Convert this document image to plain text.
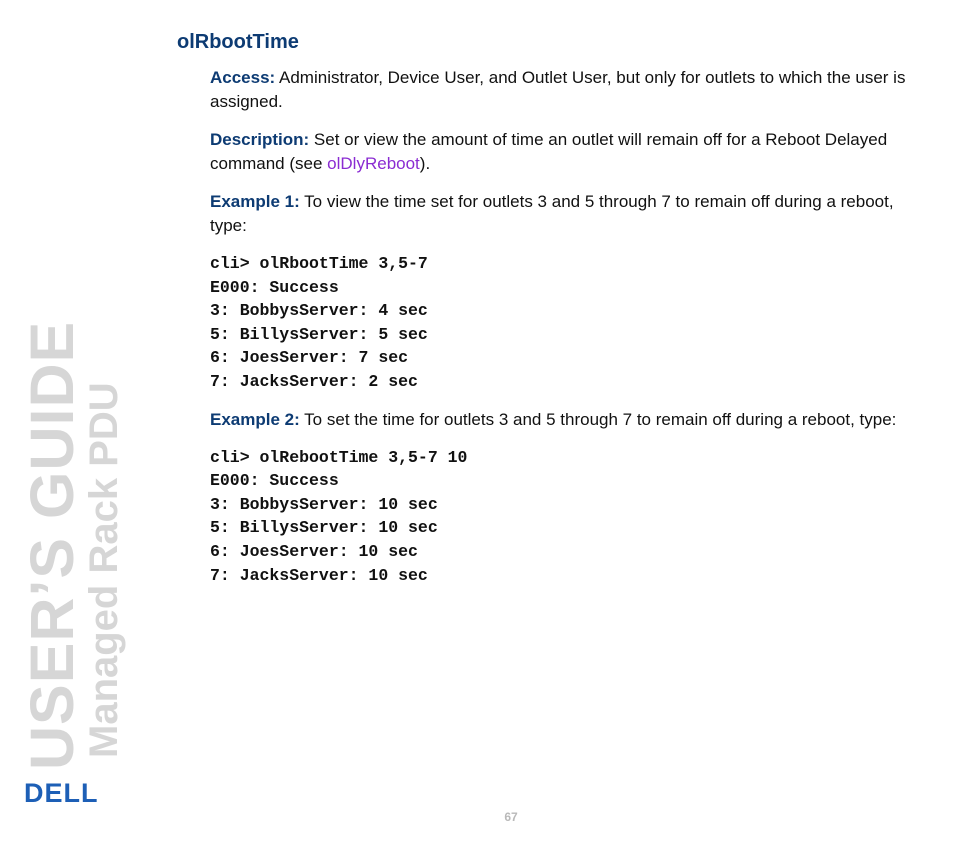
USER’S GUIDE
Managed Rack PDU
DELL
olRbootTime

Access: Administrator, Device User, and Outlet User, but only for outlets to which the user is assigned.

Description: Set or view the amount of time an outlet will remain off for a Reboot Delayed command (see olDlyReboot).

Example 1: To view the time set for outlets 3 and 5 through 7 to remain off during a reboot, type:

cli> olRbootTime 3,5-7
E000: Success
3: BobbysServer: 4 sec
5: BillysServer: 5 sec
6: JoesServer: 7 sec
7: JacksServer: 2 sec

Example 2: To set the time for outlets 3 and 5 through 7 to remain off during a reboot, type:

cli> olRebootTime 3,5-7 10
E000: Success
3: BobbysServer: 10 sec
5: BillysServer: 10 sec
6: JoesServer: 10 sec
7: JacksServer: 10 sec
67
